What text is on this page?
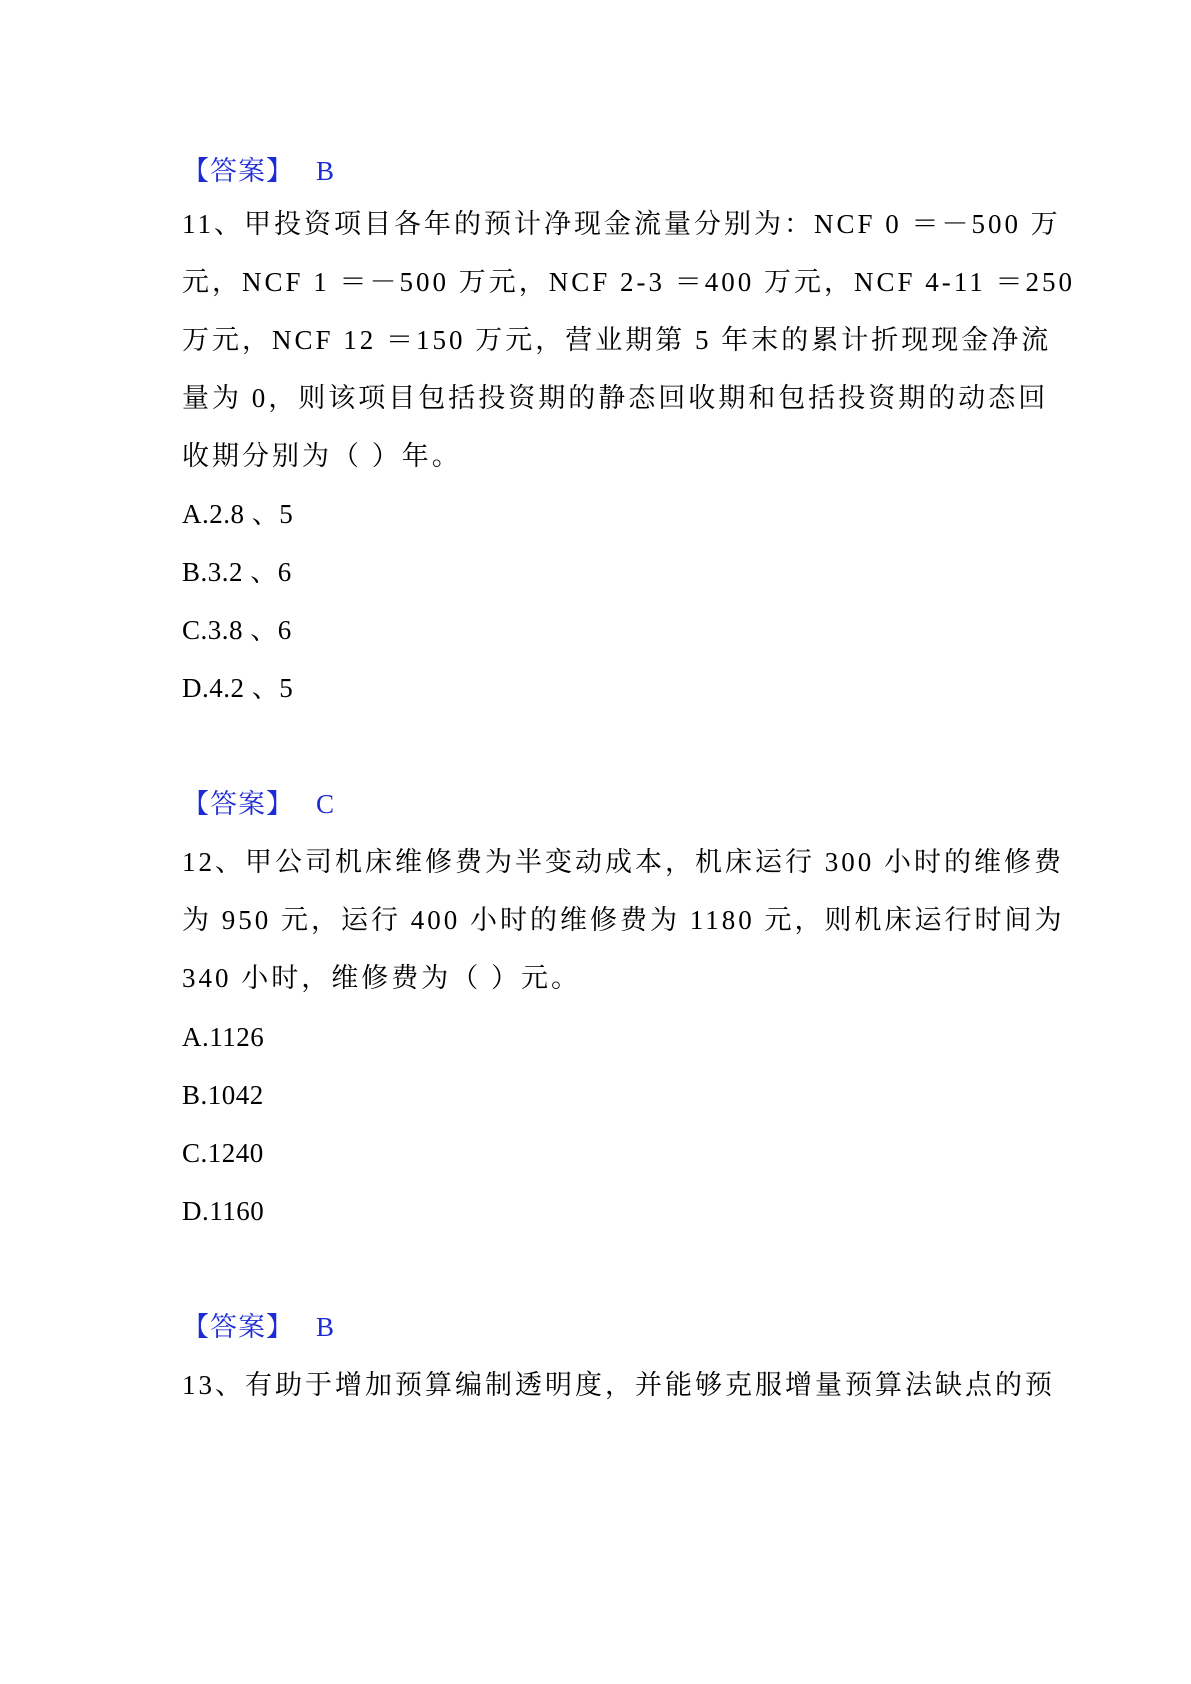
【答案】 B
11、甲投资项目各年的预计净现金流量分别为：NCF 0 ＝－500 万
元，NCF 1 ＝－500 万元，NCF 2-3 ＝400 万元，NCF 4-11 ＝250
万元，NCF 12 ＝150 万元，营业期第 5 年末的累计折现现金净流
量为 0，则该项目包括投资期的静态回收期和包括投资期的动态回
收期分别为（ ）年。
A.2.8 、5
B.3.2 、6
C.3.8 、6
D.4.2 、5
【答案】 C
12、甲公司机床维修费为半变动成本，机床运行 300 小时的维修费
为 950 元，运行 400 小时的维修费为 1180 元，则机床运行时间为
340 小时，维修费为（ ）元。
A.1126
B.1042
C.1240
D.1160
【答案】 B
13、有助于增加预算编制透明度，并能够克服增量预算法缺点的预
